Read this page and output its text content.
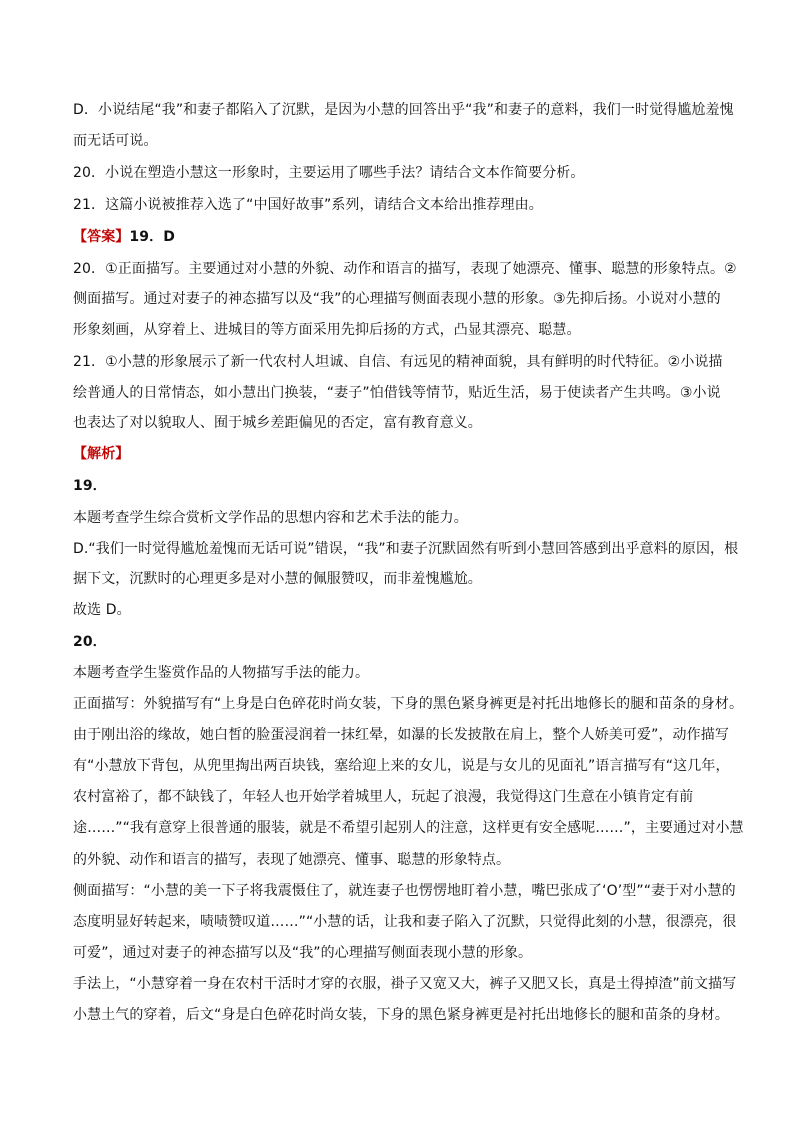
D．小说结尾“我”和妻子都陷入了沉默，是因为小慧的回答出乎“我”和妻子的意料，我们一时觉得尴尬羞愧
而无话可说。
20．小说在塑造小慧这一形象时，主要运用了哪些手法？请结合文本作简要分析。
21．这篇小说被推荐入选了“中国好故事”系列，请结合文本给出推荐理由。
【答案】19．D
20．①正面描写。主要通过对小慧的外貌、动作和语言的描写，表现了她漂亮、懂事、聪慧的形象特点。②
侧面描写。通过对妻子的神态描写以及“我”的心理描写侧面表现小慧的形象。③先抑后扬。小说对小慧的
形象刻画，从穿着上、进城目的等方面采用先抑后扬的方式，凸显其漂亮、聪慧。
21．①小慧的形象展示了新一代农村人坦诚、自信、有远见的精神面貌，具有鲜明的时代特征。②小说描
绘普通人的日常情态，如小慧出门换装，“妻子”怕借钱等情节，贴近生活，易于使读者产生共鸣。③小说
也表达了对以貌取人、囿于城乡差距偏见的否定，富有教育意义。
【解析】
19．
本题考查学生综合赏析文学作品的思想内容和艺术手法的能力。
D.“我们一时觉得尴尬羞愧而无话可说”错误，“我”和妻子沉默固然有听到小慧回答感到出乎意料的原因，根
据下文，沉默时的心理更多是对小慧的佩服赞叹，而非羞愧尴尬。
故选 D。
20．
本题考查学生鉴赏作品的人物描写手法的能力。
正面描写：外貌描写有“上身是白色碎花时尚女装，下身的黑色紧身裤更是衬托出地修长的腿和苗条的身材。
由于刚出浴的缘故，她白皙的脸蛋浸润着一抹红晕，如瀑的长发披散在肩上，整个人娇美可爱”，动作描写
有“小慧放下背包，从兜里掏出两百块钱，塞给迎上来的女儿，说是与女儿的见面礼”语言描写有“这几年，
农村富裕了，都不缺钱了，年轻人也开始学着城里人，玩起了浪漫，我觉得这门生意在小镇肯定有前
途……”“我有意穿上很普通的服装，就是不希望引起别人的注意，这样更有安全感呢……”，主要通过对小慧
的外貌、动作和语言的描写，表现了她漂亮、懂事、聪慧的形象特点。
侧面描写：“小慧的美一下子将我震慑住了，就连妻子也愣愣地盯着小慧，嘴巴张成了‘O’型”“妻于对小慧的
态度明显好转起来，啧啧赞叹道……”“小慧的话，让我和妻子陷入了沉默，只觉得此刻的小慧，很漂亮，很
可爱”，通过对妻子的神态描写以及“我”的心理描写侧面表现小慧的形象。
手法上，“小慧穿着一身在农村干活时才穿的衣服，褂子又宽又大，裤子又肥又长，真是土得掉渣”前文描写
小慧土气的穿着，后文“身是白色碎花时尚女装，下身的黑色紧身裤更是衬托出地修长的腿和苗条的身材。
